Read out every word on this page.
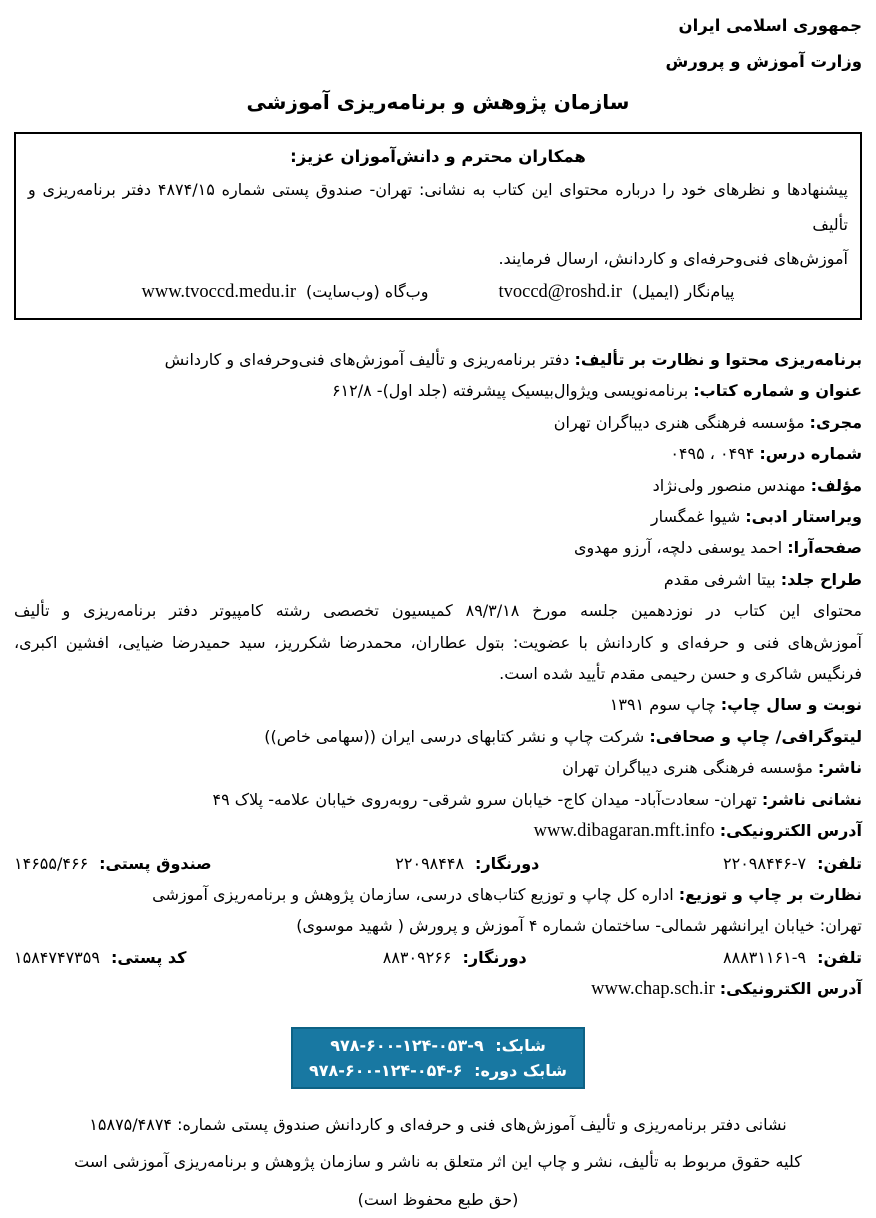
جمهوری اسلامی ایران
وزارت آموزش و پرورش
سازمان پژوهش و برنامه‌ریزی آموزشی
همکاران محترم و دانش‌آموزان عزیز:
پیشنهادها و نظرهای خود را درباره محتوای این کتاب به نشانی: تهران- صندوق پستی شماره ۴۸۷۴/۱۵ دفتر برنامه‌ریزی و تألیف
آموزش‌های فنی‌وحرفه‌ای و کاردانش، ارسال فرمایند.
پیام‌نگار (ایمیل)
tvoccd@roshd.ir
وب‌گاه (وب‌سایت)
www.tvoccd.medu.ir
برنامه‌ریزی محتوا و نظارت بر تألیف:دفتر برنامه‌ریزی و تألیف آموزش‌های فنی‌وحرفه‌ای و کاردانش
عنوان و شماره کتاب:برنامه‌نویسی ویژوال‌بیسیک پیشرفته (جلد اول)- ۶۱۲/۸
مجری:مؤسسه فرهنگی هنری دیباگران تهران
شماره درس:۰۴۹۴ ، ۰۴۹۵
مؤلف:مهندس منصور ولی‌نژاد
ویراستار ادبی:شیوا غمگسار
صفحه‌آرا:احمد یوسفی دلچه، آرزو مهدوی
طراح جلد:بیتا اشرفی مقدم
محتوای این کتاب در نوزدهمین جلسه مورخ ۸۹/۳/۱۸ کمیسیون تخصصی رشته کامپیوتر دفتر برنامه‌ریزی و تألیف
آموزش‌های فنی و حرفه‌ای و کاردانش با عضویت: بتول عطاران، محمدرضا شکرریز، سید حمیدرضا ضیایی، افشین اکبری،
فرنگیس شاکری و حسن رحیمی مقدم تأیید شده است.
نوبت و سال چاپ:چاپ سوم ۱۳۹۱
لیتوگرافی/ چاپ و صحافی:شرکت چاپ و نشر کتابهای درسی ایران ((سهامی خاص))
ناشر:مؤسسه فرهنگی هنری دیباگران تهران
نشانی ناشر:تهران- سعادت‌آباد- میدان کاج- خیابان سرو شرقی- روبه‌روی خیابان علامه- پلاک ۴۹
آدرس الکترونیکی:www.dibagaran.mft.info
تلفن:
۲۲۰۹۸۴۴۶-۷
دورنگار:
۲۲۰۹۸۴۴۸
صندوق پستی:
۱۴۶۵۵/۴۶۶
نظارت بر چاپ و توزیع:اداره کل چاپ و توزیع کتاب‌های درسی، سازمان پژوهش و برنامه‌ریزی آموزشی
تهران: خیابان ایرانشهر شمالی- ساختمان شماره ۴ آموزش و پرورش ( شهید موسوی)
تلفن:
۸۸۸۳۱۱۶۱-۹
دورنگار:
۸۸۳۰۹۲۶۶
کد پستی:
۱۵۸۴۷۴۷۳۵۹
آدرس الکترونیکی:www.chap.sch.ir
شابک: ۹۷۸-۶۰۰-۱۲۴-۰۵۳-۹
شابک دوره: ۹۷۸-۶۰۰-۱۲۴-۰۵۴-۶
نشانی دفتر برنامه‌ریزی و تألیف آموزش‌های فنی و حرفه‌ای و کاردانش صندوق پستی شماره: ۱۵۸۷۵/۴۸۷۴
کلیه حقوق مربوط به تألیف، نشر و چاپ این اثر متعلق به ناشر و سازمان پژوهش و برنامه‌ریزی آموزشی است
(حق طبع محفوظ است)
